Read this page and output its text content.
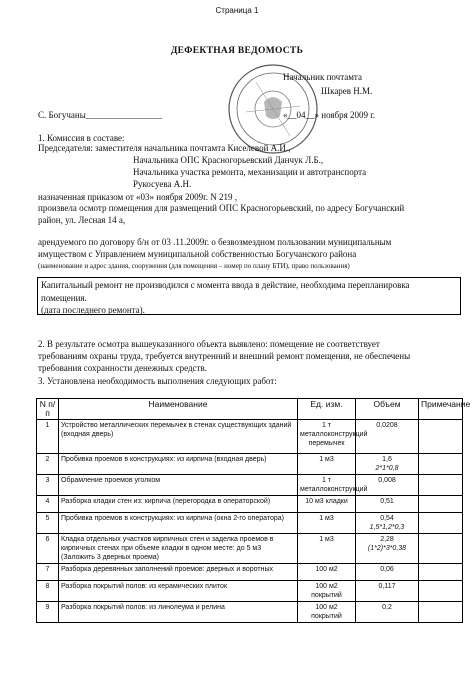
Страница 1
ДЕФЕКТНАЯ ВЕДОМОСТЬ
Начальник почтамта
Шкарев Н.М.
С. Богучаны_________________	«__04__» ноября 2009 г.
1. Комиссия в составе:
Председателя: заместителя начальника почтамта Киселевой А.И.,
Начальника ОПС Красногорьевский Данчук Л.Б.,
Начальника участка ремонта, механизации и автотранспорта
Рукосуева А.Н.
назначенная приказом от «03» ноября 2009г. N 219 ,
произвела осмотр помещения для размещений ОПС Красногорьевский, по адресу Богучанский
район, ул. Лесная 14 а,
арендуемого по договору б/н от 03 .11.2009г. о безвозмездном пользовании муниципальным
имуществом с Управлением муниципальной собственностью Богучанского района
(наименование и адрес здания, сооружения (для помещения – номер по плану БТИ), право пользования)
Капитальный ремонт не производился с момента ввода в действие, необходима перепланировка
помещения.
(дата последнего ремонта).
2. В результате осмотра вышеуказанного объекта выявлено: помещение не соответствует
требованиям охраны труда, требуется внутренний и внешний ремонт помещения, не обеспечены
требования сохранности денежных средств.
3. Установлена необходимость выполнения следующих работ:
N п/п	Наименование	Ед. изм.	Объем	Примечание
1	Устройство металлических перемычек в стенах существующих зданий (входная дверь)	1 т металлоконструкций перемычек	0,0208	

2	Пробивка проемов в конструкциях: из кирпича (входная дверь)	1 м3	1,6
2*1*0,8	

3	Обрамление проемов уголком	1 т металлоконструкций	0,008	

4	Разборка кладки стен из: кирпича (перегородка в операторской)	10 м3 кладки	0,51	

5	Пробивка проемов в конструкциях: из кирпича (окна 2-го оператора)	1 м3	0,54
1,5*1,2*0,3	

6	Кладка отдельных участков кирпичных стен и заделка проемов в кирпичных стенах при объеме кладки в одном месте: до 5 м3 (Заложить 3 дверных проема)	1 м3	2,28
(1*2)*3*0,38	

7	Разборка деревянных заполнений проемов: дверных и воротных	100 м2	0,06	

8	Разборка покрытий полов: из керамических плиток	100 м2 покрытий	0,117	

9	Разборка покрытий полов: из линолеума и релина	100 м2 покрытий	0,2	
